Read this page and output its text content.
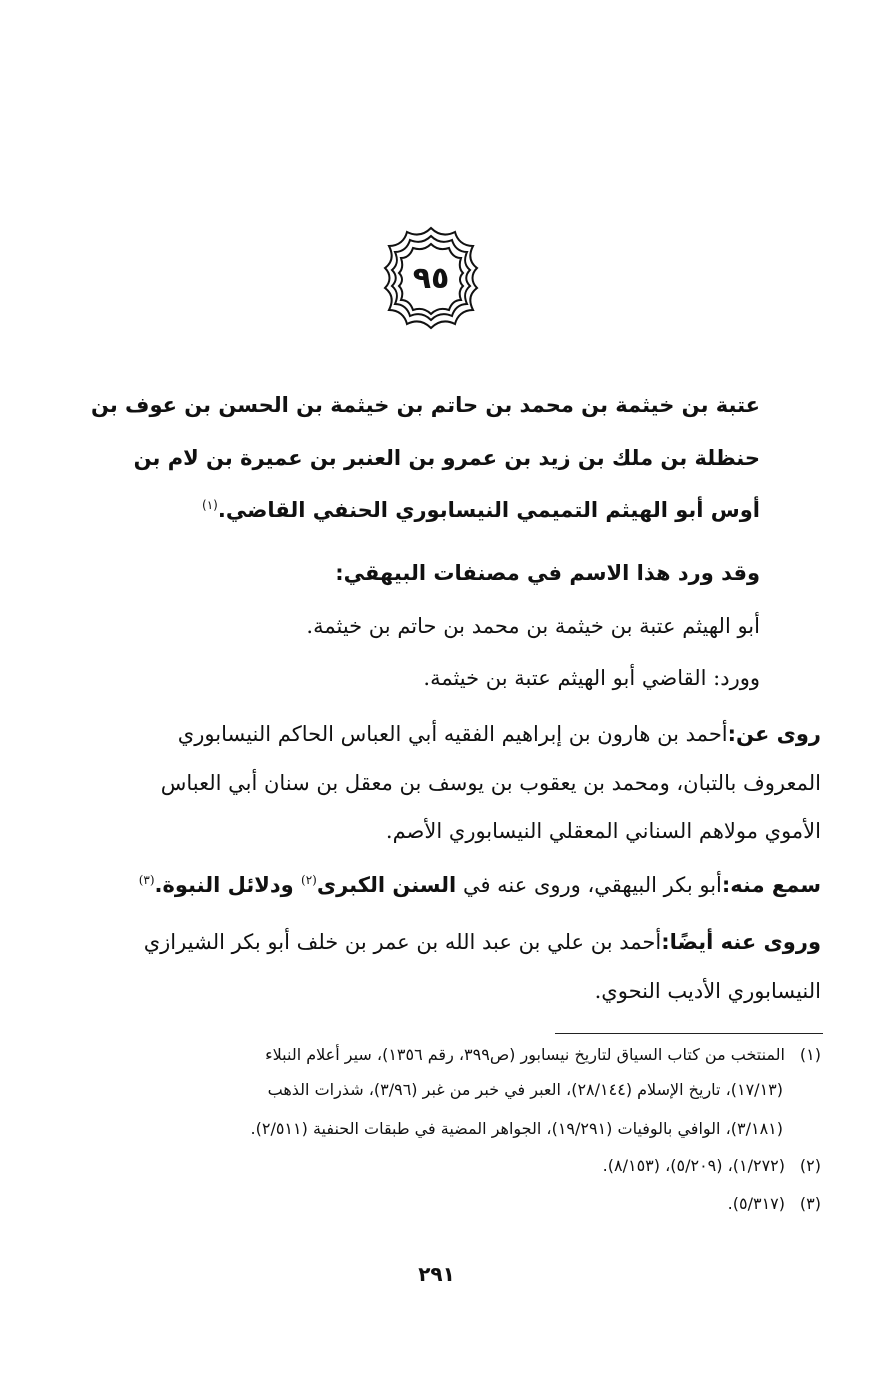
٩٥
عتبة بن خيثمة بن محمد بن حاتم بن خيثمة بن الحسن بن عوف بن
حنظلة بن ملك بن زيد بن عمرو بن العنبر بن عميرة بن لام بن
أوس أبو الهيثم التميمي النيسابوري الحنفي القاضي.$^{(١)}$
وقد ورد هذا الاسم في مصنفات البيهقي:
أبو الهيثم عتبة بن خيثمة بن محمد بن حاتم بن خيثمة.
وورد: القاضي أبو الهيثم عتبة بن خيثمة.
روى عن:أحمد بن هارون بن إبراهيم الفقيه أبي العباس الحاكم النيسابوري
المعروف بالتبان، ومحمد بن يعقوب بن يوسف بن معقل بن سنان أبي العباس
الأموي مولاهم السناني المعقلي النيسابوري الأصم.
سمع منه:أبو بكر البيهقي، وروى عنه في السنن الكبرى$^{(٢)}$ ودلائل النبوة.$^{(٣)}$
وروى عنه أيضًا:أحمد بن علي بن عبد الله بن عمر بن خلف أبو بكر الشيرازي
النيسابوري الأديب النحوي.
(١)المنتخب من كتاب السياق لتاريخ نيسابور (ص٣٩٩، رقم ١٣٥٦)، سير أعلام النبلاء
(١٧/١٣)، تاريخ الإسلام (٢٨/١٤٤)، العبر في خبر من غبر (٣/٩٦)، شذرات الذهب
(٣/١٨١)، الوافي بالوفيات (١٩/٢٩١)، الجواهر المضية في طبقات الحنفية (٢/٥١١).
(٢)(١/٢٧٢)، (٥/٢٠٩)، (٨/١٥٣).
(٣)(٥/٣١٧).
٢٩١
